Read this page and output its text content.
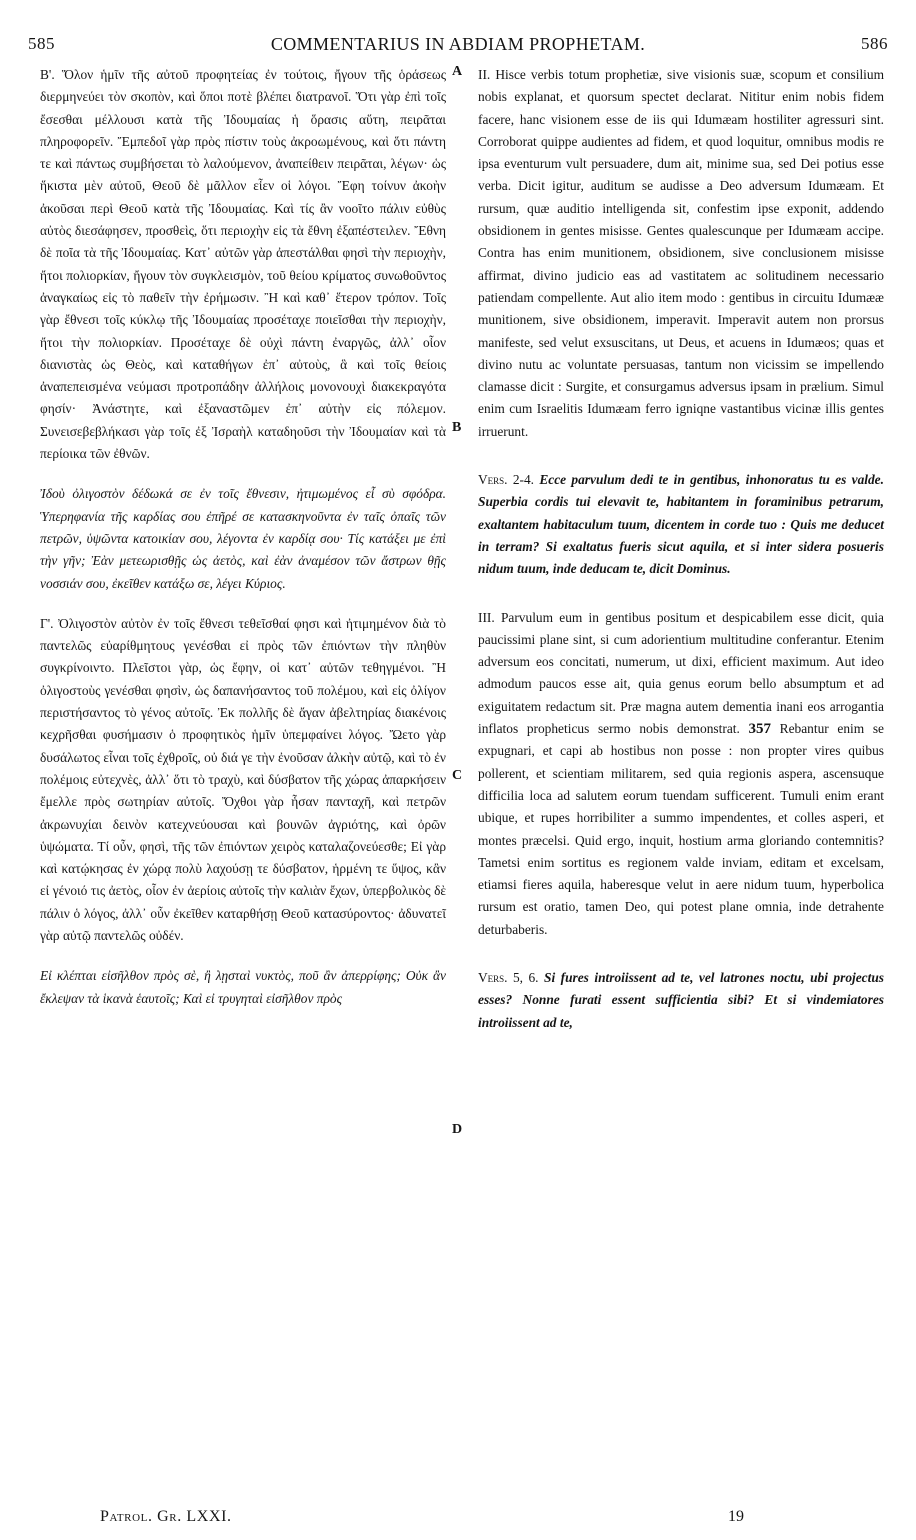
585	COMMENTARIUS IN ABDIAM PROPHETAM.	586
A
B
C
D

Β'. Ὅλον ἡμῖν τῆς αὐτοῦ προφητείας ἐν τούτοις, ἤγουν τῆς ὁράσεως διερμηνεύει τὸν σκοπὸν, καὶ ὅποι ποτὲ βλέπει διατρανοῖ. Ὅτι γὰρ ἐπὶ τοῖς ἔσεσθαι μέλλουσι κατὰ τῆς Ἰδουμαίας ἡ ὅρασις αὕτη, πειρᾶται πληροφορεῖν. Ἔμπεδοῖ γὰρ πρὸς πίστιν τοὺς ἀκροωμένους, καὶ ὅτι πάντη τε καὶ πάντως συμβήσεται τὸ λαλούμενον, ἀναπείθειν πειρᾶται, λέγων· ὡς ἥκιστα μὲν αὐτοῦ, Θεοῦ δὲ μᾶλλον εἶεν οἱ λόγοι. Ἔφη τοίνυν ἀκοὴν ἀκοῦσαι περὶ Θεοῦ κατὰ τῆς Ἰδουμαίας. Καὶ τίς ἂν νοοῖτο πάλιν εὐθὺς αὐτὸς διεσάφησεν, προσθεὶς, ὅτι περιοχὴν εἰς τὰ ἔθνη ἐξαπέστειλεν. Ἔθνη δὲ ποῖα τὰ τῆς Ἰδουμαίας. Κατ᾽ αὐτῶν γὰρ ἀπεστάλθαι φησὶ τὴν περιοχὴν, ἤτοι πολιορκίαν, ἤγουν τὸν συγκλεισμὸν, τοῦ θείου κρίματος συνωθοῦντος ἀναγκαίως εἰς τὸ παθεῖν τὴν ἐρήμωσιν. Ἢ καὶ καθ᾽ ἕτερον τρόπον. Τοῖς γὰρ ἔθνεσι τοῖς κύκλῳ τῆς Ἰδουμαίας προσέταχε ποιεῖσθαι τὴν περιοχὴν, ἤτοι τὴν πολιορκίαν. Προσέταχε δὲ οὐχὶ πάντη ἐναργῶς, ἀλλ᾽ οἷον διανιστὰς ὡς Θεὸς, καὶ καταθήγων ἐπ᾽ αὐτοὺς, ἃ καὶ τοῖς θείοις ἀναπεπεισμένα νεύμασι προτροπάδην ἀλλήλοις μονονουχὶ διακεκραγότα φησίν· Ἀνάστητε, καὶ ἐξαναστῶμεν ἐπ᾽ αὐτὴν εἰς πόλεμον. Συνεισεβεβλήκασι γὰρ τοῖς ἐξ Ἰσραὴλ καταδηοῦσι τὴν Ἰδουμαίαν καὶ τὰ περίοικα τῶν ἐθνῶν.

Ἰδοὺ ὀλιγοστὸν δέδωκά σε ἐν τοῖς ἔθνεσιν, ἠτιμωμένος εἶ σὺ σφόδρα. Ὑπερηφανία τῆς καρδίας σου ἐπῆρέ σε κατασκηνοῦντα ἐν ταῖς ὀπαῖς τῶν πετρῶν, ὑψῶντα κατοικίαν σου, λέγοντα ἐν καρδίᾳ σου· Τίς κατάξει με ἐπὶ τὴν γῆν; Ἐὰν μετεωρισθῇς ὡς ἀετὸς, καὶ ἐὰν ἀναμέσον τῶν ἄστρων θῇς νοσσιάν σου, ἐκεῖθεν κατάξω σε, λέγει Κύριος.

Γ'. Ὀλιγοστὸν αὐτὸν ἐν τοῖς ἔθνεσι τεθεῖσθαί φησι καὶ ἠτιμημένον διὰ τὸ παντελῶς εὐαρίθμητους γενέσθαι εἰ πρὸς τῶν ἐπιόντων τὴν πληθὺν συγκρίνοιντο. Πλεῖστοι γὰρ, ὡς ἔφην, οἱ κατ᾽ αὐτῶν τεθηγμένοι. Ἢ ὀλιγοστοὺς γενέσθαι φησὶν, ὡς δαπανήσαντος τοῦ πολέμου, καὶ εἰς ὀλίγον περιστήσαντος τὸ γένος αὐτοῖς. Ἐκ πολλῆς δὲ ἄγαν ἀβελτηρίας διακένοις κεχρῆσθαι φυσήμασιν ὁ προφητικὸς ἡμῖν ὑπεμφαίνει λόγος. Ὤετο γὰρ δυσάλωτος εἶναι τοῖς ἐχθροῖς, οὐ διά γε τὴν ἐνοῦσαν ἀλκὴν αὐτῷ, καὶ τὸ ἐν πολέμοις εὐτεχνὲς, ἀλλ᾽ ὅτι τὸ τραχὺ, καὶ δύσβατον τῆς χώρας ἀπαρκήσειν ἔμελλε πρὸς σωτηρίαν αὐτοῖς. Ὄχθοι γὰρ ἦσαν πανταχῆ, καὶ πετρῶν ἀκρωνυχίαι δεινὸν κατεχνεύουσαι καὶ βουνῶν ἀγριότης, καὶ ὀρῶν ὑψώματα. Τί οὖν, φησὶ, τῆς τῶν ἐπιόντων χειρὸς καταλαζονεύεσθε; Εἰ γὰρ καὶ κατῴκησας ἐν χώρᾳ πολὺ λαχούσῃ τε δύσβατον, ἡρμένη τε ὕψος, κἂν εἰ γένοιό τις ἀετὸς, οἷον ἐν ἀερίοις αὐτοῖς τὴν καλιὰν ἔχων, ὑπερβολικὸς δὲ πάλιν ὁ λόγος, ἀλλ᾽ οὖν ἐκεῖθεν καταρθήσῃ Θεοῦ κατασύροντος· ἀδυνατεῖ γὰρ αὐτῷ παντελῶς οὐδέν.

Εἰ κλέπται εἰσῆλθον πρὸς σὲ, ἢ λῃσταὶ νυκτὸς, ποῦ ἂν ἀπερρίφης; Οὐκ ἂν ἔκλεψαν τὰ ἱκανὰ ἑαυτοῖς; Καὶ εἰ τρυγηταὶ εἰσῆλθον πρὸς

II. Hisce verbis totum prophetiæ, sive visionis suæ, scopum et consilium nobis explanat, et quorsum spectet declarat. Nititur enim nobis fidem facere, hanc visionem esse de iis qui Idumæam hostiliter agressuri sint. Corroborat quippe audientes ad fidem, et quod loquitur, omnibus modis re ipsa eventurum vult persuadere, dum ait, minime sua, sed Dei potius esse verba. Dicit igitur, auditum se audisse a Deo adversum Idumæam. Et rursum, quæ auditio intelligenda sit, confestim ipse exponit, addendo obsidionem in gentes misisse. Gentes qualescunque per Idumæam accipe. Contra has enim munitionem, obsidionem, sive conclusionem misisse affirmat, divino judicio eas ad vastitatem ac solitudinem necessario patiendam compellente. Aut alio item modo : gentibus in circuitu Idumææ munitionem, sive obsidionem, imperavit. Imperavit autem non prorsus manifeste, sed velut exsuscitans, ut Deus, et acuens in Idumæos; quas et divino nutu ac voluntate persuasas, tantum non vicissim se impellendo clamasse dicit : Surgite, et consurgamus adversus ipsam in prælium. Simul enim cum Israelitis Idumæam ferro igniqne vastantibus vicinæ illis gentes irruerunt.

Vers. 2-4. Ecce parvulum dedi te in gentibus, inhonoratus tu es valde. Superbia cordis tui elevavit te, habitantem in foraminibus petrarum, exaltantem habitaculum tuum, dicentem in corde tuo : Quis me deducet in terram? Si exaltatus fueris sicut aquila, et si inter sidera posueris nidum tuum, inde deducam te, dicit Dominus.

III. Parvulum eum in gentibus positum et despicabilem esse dicit, quia paucissimi plane sint, si cum adorientium multitudine conferantur. Etenim adversum eos concitati, numerum, ut dixi, efficient maximum. Aut ideo admodum paucos esse ait, quia genus eorum bello absumptum et ad exiguitatem redactum sit. Præ magna autem dementia inani eos arrogantia inflatos propheticus sermo nobis demonstrat. 357 Rebantur enim se expugnari, et capi ab hostibus non posse : non propter vires quibus pollerent, et scientiam militarem, sed quia regionis aspera, ascensuque difficilia loca ad salutem eorum tuendam sufficerent. Tumuli enim erant ubique, et rupes horribiliter a summo impendentes, et colles asperi, et montes præcelsi. Quid ergo, inquit, hostium arma gloriando contemnitis? Tametsi enim sortitus es regionem valde inviam, editam et excelsam, etiamsi fieres aquila, haberesque velut in aere nidum tuum, hyperbolica rursum est oratio, tamen Deo, qui potest plane omnia, inde detrahente deturbaberis.

Vers. 5, 6. Si fures introiissent ad te, vel latrones noctu, ubi projectus esses? Nonne furati essent sufficientia sibi? Et si vindemiatores introiissent ad te,

Patrol. Gr. LXXI.	19
